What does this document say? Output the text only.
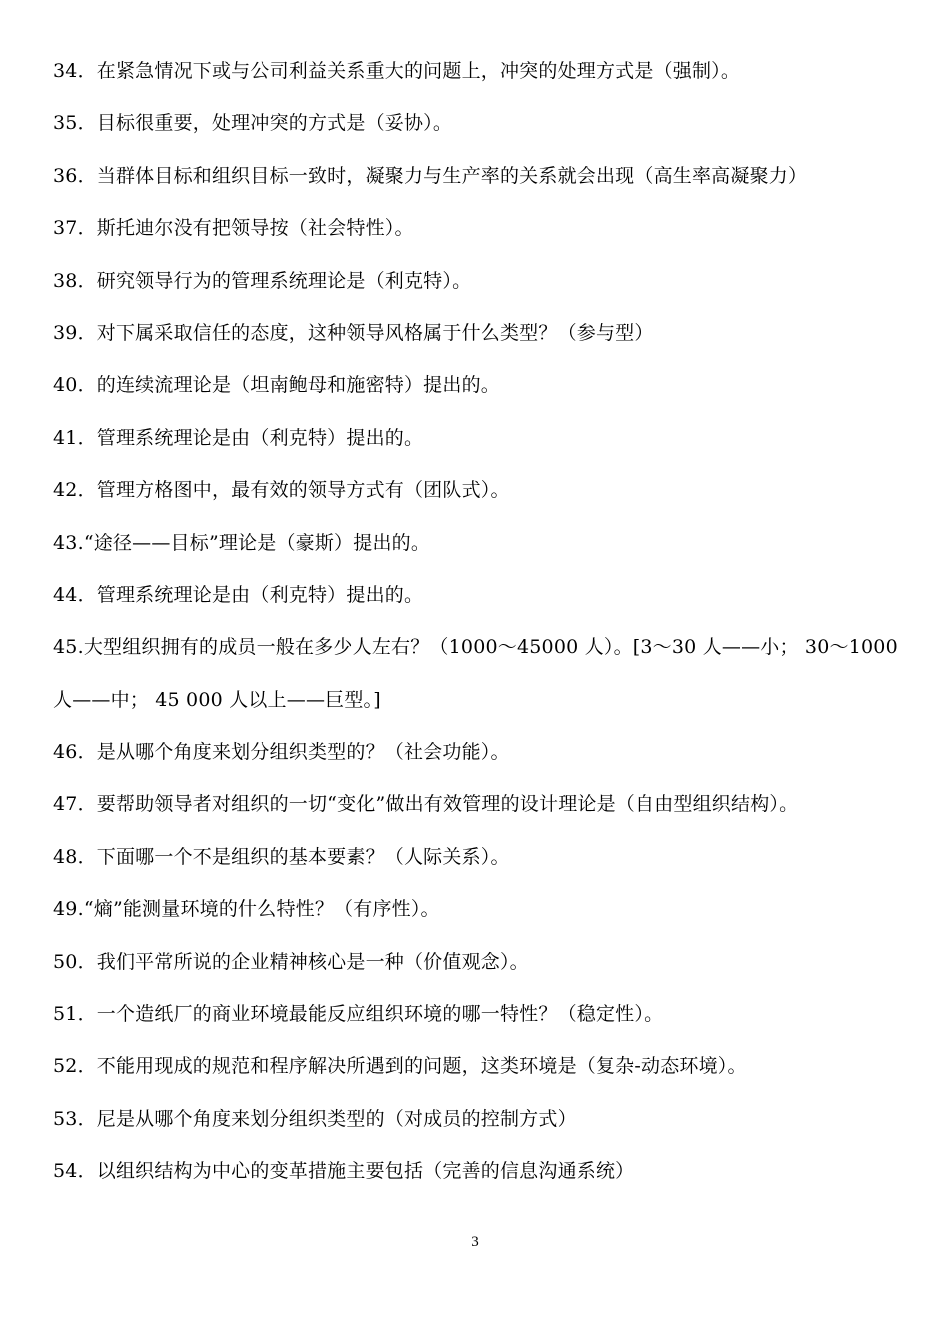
34．在紧急情况下或与公司利益关系重大的问题上，冲突的处理方式是（强制）。
35．目标很重要，处理冲突的方式是（妥协）。
36．当群体目标和组织目标一致时，凝聚力与生产率的关系就会出现（高生率高凝聚力）
37．斯托迪尔没有把领导按（社会特性）。
38．研究领导行为的管理系统理论是（利克特）。
39．对下属采取信任的态度，这种领导风格属于什么类型？（参与型）
40．的连续流理论是（坦南鲍母和施密特）提出的。
41．管理系统理论是由（利克特）提出的。
42．管理方格图中，最有效的领导方式有（团队式）。
43.“途径——目标”理论是（豪斯）提出的。
44．管理系统理论是由（利克特）提出的。
45.大型组织拥有的成员一般在多少人左右？（1000～45000 人）。[3～30 人——小； 30～1000
人——中； 45 000 人以上——巨型。]
46．是从哪个角度来划分组织类型的？（社会功能）。
47．要帮助领导者对组织的一切“变化”做出有效管理的设计理论是（自由型组织结构）。
48．下面哪一个不是组织的基本要素？（人际关系）。
49.“熵”能测量环境的什么特性？（有序性）。
50．我们平常所说的企业精神核心是一种（价值观念）。
51．一个造纸厂的商业环境最能反应组织环境的哪一特性？（稳定性）。
52．不能用现成的规范和程序解决所遇到的问题，这类环境是（复杂-动态环境）。
53．尼是从哪个角度来划分组织类型的（对成员的控制方式）
54．以组织结构为中心的变革措施主要包括（完善的信息沟通系统）
3
